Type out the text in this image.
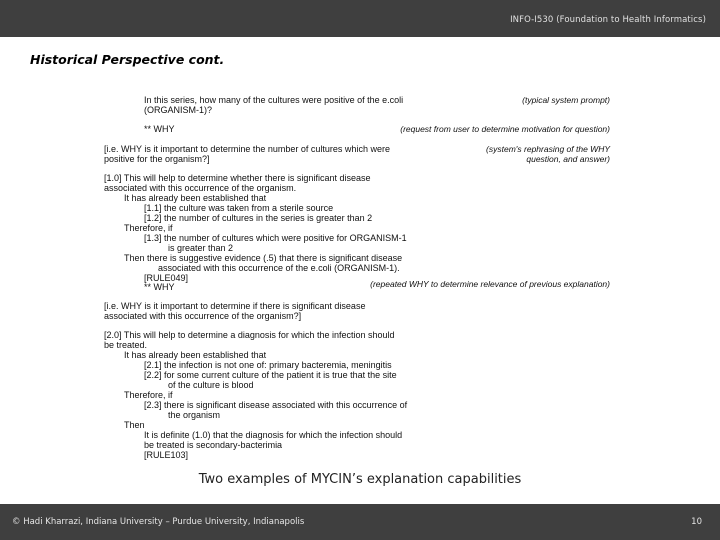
INFO-I530 (Foundation to Health Informatics)
Historical Perspective cont.
In this series, how many of the cultures were positive of the e.coli
(ORGANISM-1)?
** WHY
[i.e. WHY is it important to determine the number of cultures which were
positive for the organism?]
[1.0] This will help to determine whether there is significant disease
associated with this occurrence of the organism.
It has already been established that
[1.1] the culture was taken from a sterile source
[1.2] the number of cultures in the series is greater than 2
Therefore, if
[1.3] the number of cultures which were positive for ORGANISM-1
is greater than 2
Then there is suggestive evidence (.5) that there is significant disease
associated with this occurrence of the e.coli (ORGANISM-1).
[RULE049]
** WHY
[i.e. WHY is it important to determine if there is significant disease
associated with this occurrence of the organism?]
[2.0] This will help to determine a diagnosis for which the infection should
be treated.
It has already been established that
[2.1] the infection is not one of: primary bacteremia, meningitis
[2.2] for some current culture of the patient it is true that the site
of the culture is blood
Therefore, if
[2.3] there is significant disease associated with this occurrence of
the organism
Then
It is definite (1.0) that the diagnosis for which the infection should
be treated is secondary-bacterimia
[RULE103]
(typical system prompt)
(request from user to determine motivation for question)
(system's rephrasing of the WHY
question, and answer)
(repeated WHY to determine relevance of previous explanation)
Two examples of MYCIN’s explanation capabilities
© Hadi Kharrazi, Indiana University – Purdue University, Indianapolis	10
